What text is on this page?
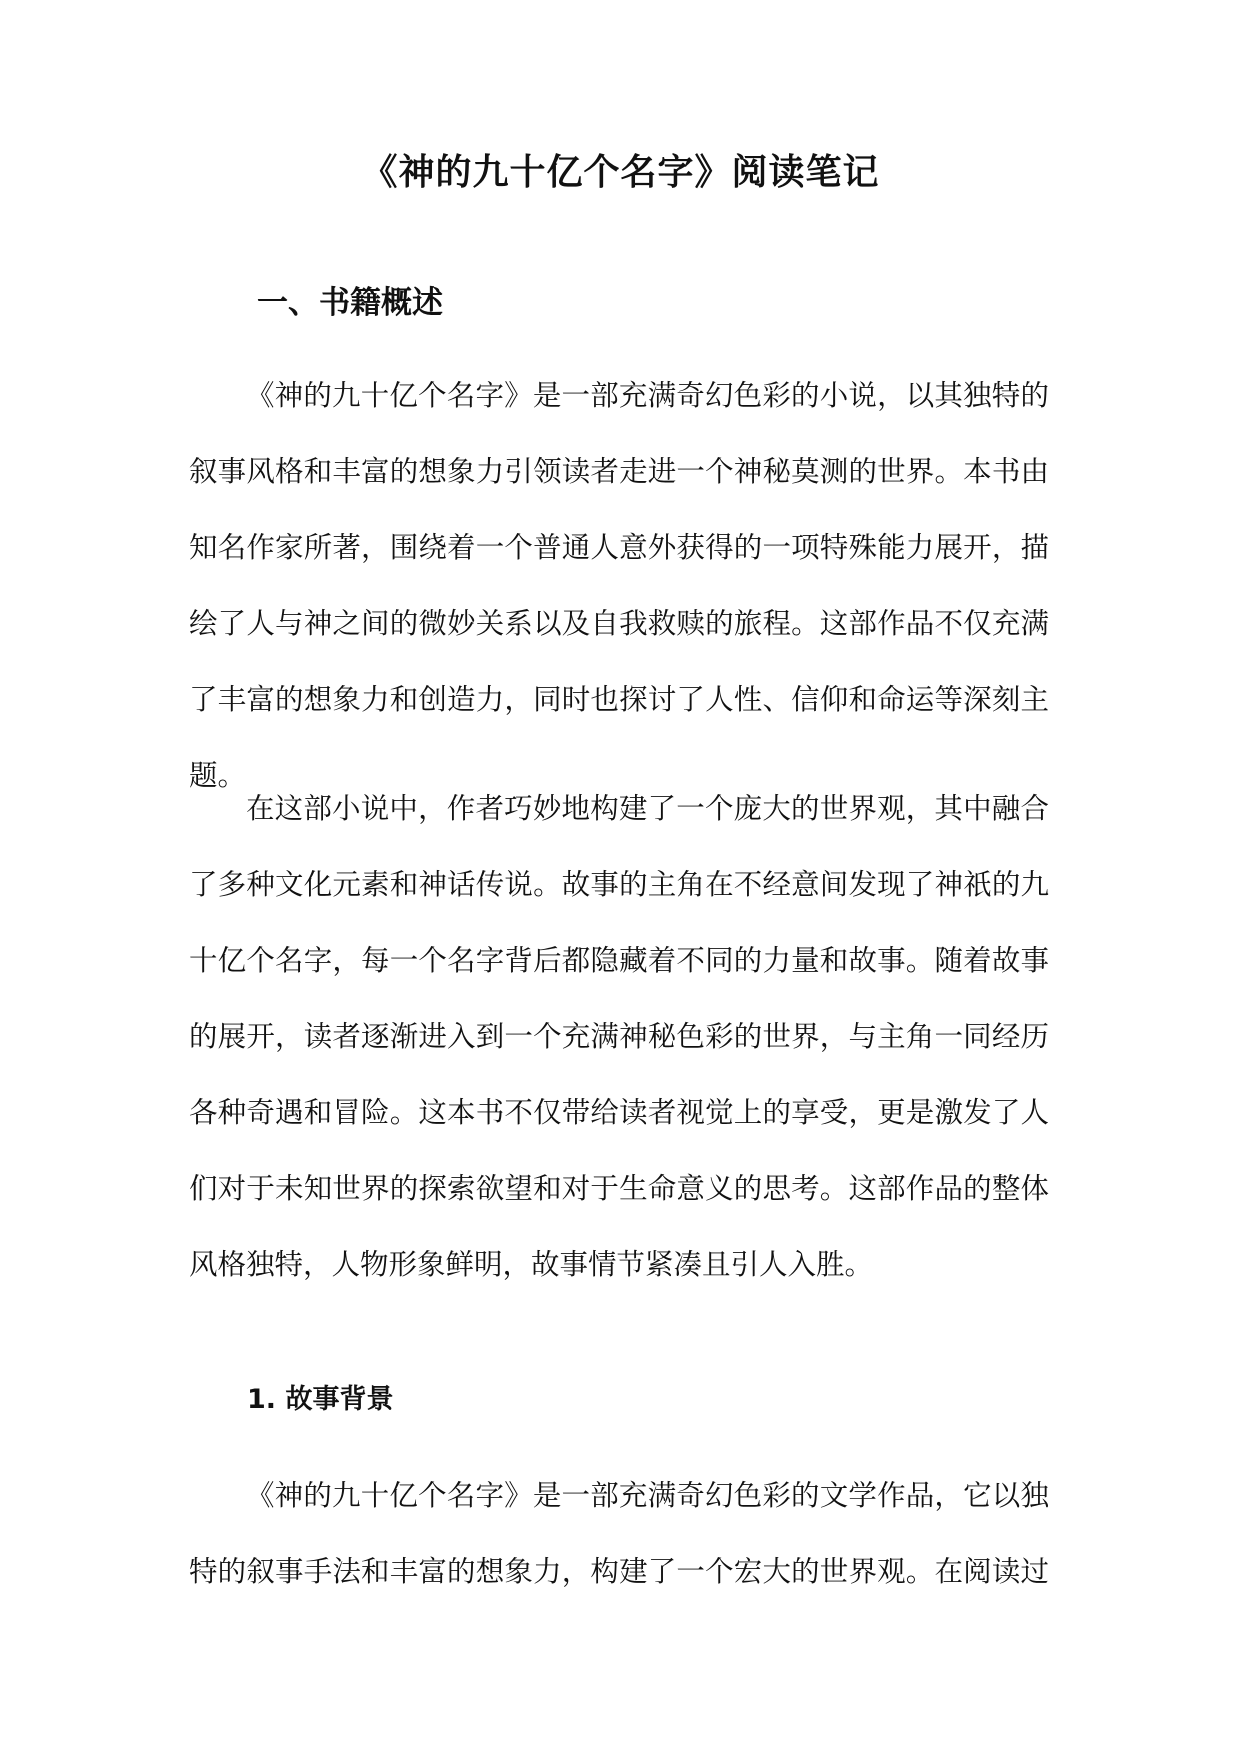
《神的九十亿个名字》阅读笔记
一、书籍概述
《神的九十亿个名字》是一部充满奇幻色彩的小说，以其独特的
叙事风格和丰富的想象力引领读者走进一个神秘莫测的世界。本书由
知名作家所著，围绕着一个普通人意外获得的一项特殊能力展开，描
绘了人与神之间的微妙关系以及自我救赎的旅程。这部作品不仅充满
了丰富的想象力和创造力，同时也探讨了人性、信仰和命运等深刻主
题。
在这部小说中，作者巧妙地构建了一个庞大的世界观，其中融合
了多种文化元素和神话传说。故事的主角在不经意间发现了神祇的九
十亿个名字，每一个名字背后都隐藏着不同的力量和故事。随着故事
的展开，读者逐渐进入到一个充满神秘色彩的世界，与主角一同经历
各种奇遇和冒险。这本书不仅带给读者视觉上的享受，更是激发了人
们对于未知世界的探索欲望和对于生命意义的思考。这部作品的整体
风格独特，人物形象鲜明，故事情节紧凑且引人入胜。
1. 故事背景
《神的九十亿个名字》是一部充满奇幻色彩的文学作品，它以独
特的叙事手法和丰富的想象力，构建了一个宏大的世界观。在阅读过
